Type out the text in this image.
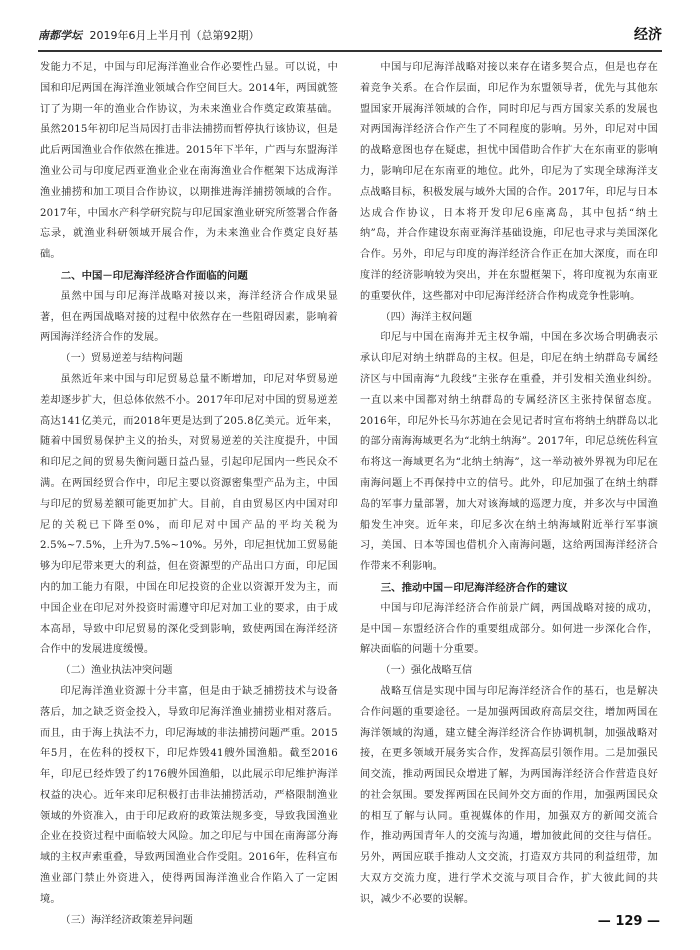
南都学坛 2019年6月上半月刊（总第92期）	经济

发能力不足，中国与印尼海洋渔业合作必要性凸显。可以说，中国和印尼两国在海洋渔业领域合作空间巨大。2014年，两国就签订了为期一年的渔业合作协议，为未来渔业合作奠定政策基础。虽然2015年初印尼当局因打击非法捕捞而暂停执行该协议，但是此后两国渔业合作依然在推进。2015年下半年，广西与东盟海洋渔业公司与印度尼西亚渔业企业在南海渔业合作框架下达成海洋渔业捕捞和加工项目合作协议，以期推进海洋捕捞领域的合作。2017年，中国水产科学研究院与印尼国家渔业研究所签署合作备忘录，就渔业科研领域开展合作，为未来渔业合作奠定良好基础。

二、中国－印尼海洋经济合作面临的问题

虽然中国与印尼海洋战略对接以来，海洋经济合作成果显著，但在两国战略对接的过程中依然存在一些阻碍因素，影响着两国海洋经济合作的发展。

（一）贸易逆差与结构问题

虽然近年来中国与印尼贸易总量不断增加，印尼对华贸易逆差却逐步扩大，但总体依然不小。2017年印尼对中国的贸易逆差高达141亿美元，而2018年更是达到了205.8亿美元。近年来，随着中国贸易保护主义的抬头，对贸易逆差的关注度提升，中国和印尼之间的贸易失衡问题日益凸显，引起印尼国内一些民众不满。在两国经贸合作中，印尼主要以资源密集型产品为主，中国与印尼的贸易差额可能更加扩大。目前，自由贸易区内中国对印尼的关税已下降至0%，而印尼对中国产品的平均关税为2.5%~7.5%，上升为7.5%~10%。另外，印尼担忧加工贸易能够为印尼带来更大的利益，但在资源型的产品出口方面，印尼国内的加工能力有限，中国在印尼投资的企业以资源开发为主，而中国企业在印尼对外投资时需遵守印尼对加工业的要求，由于成本高昂，导致中印尼贸易的深化受到影响，致使两国在海洋经济合作中的发展进度缓慢。

（二）渔业执法冲突问题

印尼海洋渔业资源十分丰富，但是由于缺乏捕捞技术与设备落后，加之缺乏资金投入，导致印尼海洋渔业捕捞业相对落后。而且，由于海上执法不力，印尼海域的非法捕捞问题严重。2015年5月，在佐科的授权下，印尼炸毁41艘外国渔船。截至2016年，印尼已经炸毁了约176艘外国渔船，以此展示印尼维护海洋权益的决心。近年来印尼积极打击非法捕捞活动，严格限制渔业领域的外资准入，由于印尼政府的政策法规多变，导致我国渔业企业在投资过程中面临较大风险。加之印尼与中国在南海部分海域的主权声索重叠，导致两国渔业合作受阻。2016年，佐科宣布渔业部门禁止外资进入，使得两国海洋渔业合作陷入了一定困境。

（三）海洋经济政策差异问题

中国与印尼海洋战略对接以来存在诸多契合点，但是也存在着竞争关系。在合作层面，印尼作为东盟领导者，优先与其他东盟国家开展海洋领域的合作，同时印尼与西方国家关系的发展也对两国海洋经济合作产生了不同程度的影响。另外，印尼对中国的战略意图也存在疑虑，担忧中国借助合作扩大在东南亚的影响力，影响印尼在东南亚的地位。此外，印尼为了实现全球海洋支点战略目标，积极发展与域外大国的合作。2017年，印尼与日本达成合作协议，日本将开发印尼6座离岛，其中包括“纳土纳”岛，并合作建设东南亚海洋基础设施，印尼也寻求与美国深化合作。另外，印尼与印度的海洋经济合作正在加大深度，而在印度洋的经济影响较为突出，并在东盟框架下，将印度视为东南亚的重要伙伴，这些都对中印尼海洋经济合作构成竞争性影响。

（四）海洋主权问题

印尼与中国在南海并无主权争端，中国在多次场合明确表示承认印尼对纳土纳群岛的主权。但是，印尼在纳土纳群岛专属经济区与中国南海“九段线”主张存在重叠，并引发相关渔业纠纷。一直以来中国都对纳土纳群岛的专属经济区主张持保留态度。2016年，印尼外长马尔苏迪在会见记者时宣布将纳土纳群岛以北的部分南海海域更名为“北纳土纳海”。2017年，印尼总统佐科宣布将这一海域更名为“北纳土纳海”，这一举动被外界视为印尼在南海问题上不再保持中立的信号。此外，印尼加强了在纳土纳群岛的军事力量部署，加大对该海域的巡逻力度，并多次与中国渔船发生冲突。近年来，印尼多次在纳土纳海域附近举行军事演习，美国、日本等国也借机介入南海问题，这给两国海洋经济合作带来不利影响。

三、推动中国－印尼海洋经济合作的建议

中国与印尼海洋经济合作前景广阔，两国战略对接的成功，是中国－东盟经济合作的重要组成部分。如何进一步深化合作，解决面临的问题十分重要。

（一）强化战略互信

战略互信是实现中国与印尼海洋经济合作的基石，也是解决合作问题的重要途径。一是加强两国政府高层交往，增加两国在海洋领域的沟通，建立健全海洋经济合作协调机制，加强战略对接，在更多领域开展务实合作，发挥高层引领作用。二是加强民间交流，推动两国民众增进了解，为两国海洋经济合作营造良好的社会氛围。要发挥两国在民间外交方面的作用，加强两国民众的相互了解与认同。重视媒体的作用，加强双方的新闻交流合作，推动两国青年人的交流与沟通，增加彼此间的交往与信任。另外，两国应联手推动人文交流，打造双方共同的利益纽带，加大双方交流力度，进行学术交流与项目合作，扩大彼此间的共识，减少不必要的误解。

— 129 —
